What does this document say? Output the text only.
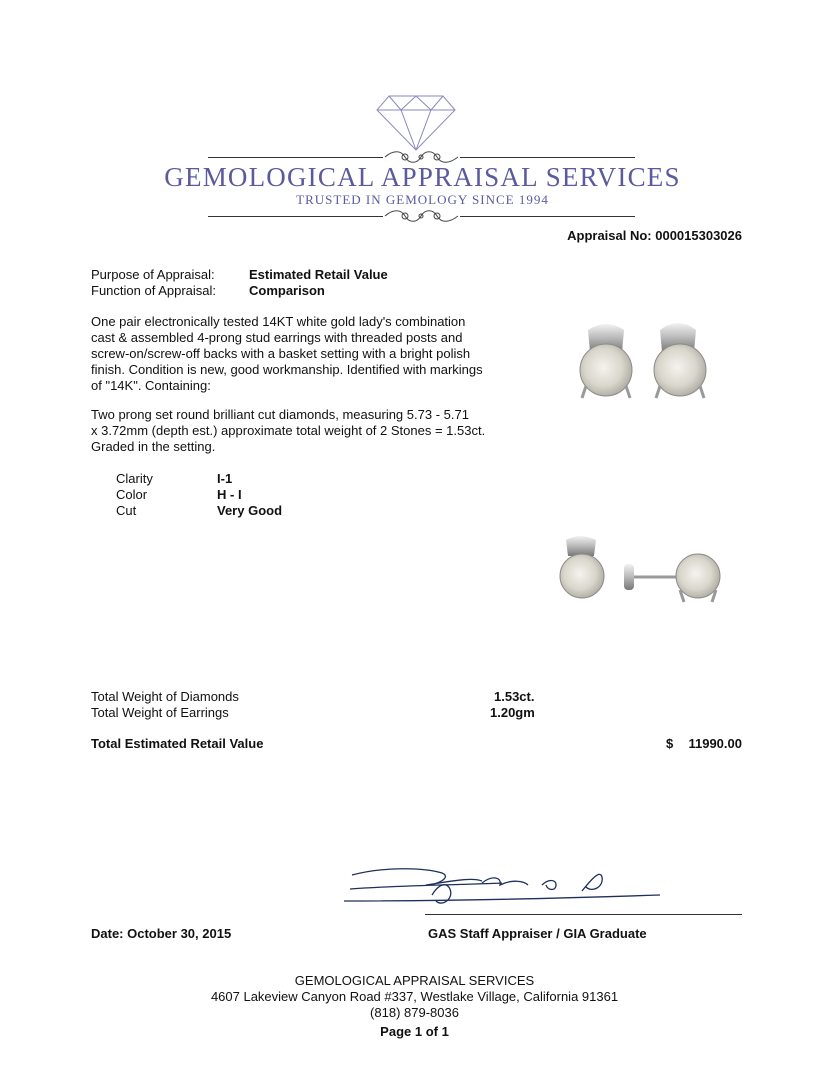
GEMOLOGICAL APPRAISAL SERVICES
TRUSTED IN GEMOLOGY SINCE 1994
Appraisal No: 000015303026
Purpose of Appraisal:	Estimated Retail Value
Function of Appraisal:	Comparison

One pair electronically tested 14KT white gold lady's combination

cast & assembled 4-prong stud earrings with threaded posts and

screw-on/screw-off backs with a basket setting with a bright polish

finish. Condition is new, good workmanship. Identified with markings

of "14K". Containing:

Two prong set round brilliant cut diamonds, measuring 5.73 - 5.71

x 3.72mm (depth est.) approximate total weight of 2 Stones = 1.53ct.

Graded in the setting.

Clarity	I-1
Color	H - I
Cut	Very Good
Total Weight of Diamonds	1.53ct.
Total Weight of Earrings	1.20gm
Total Estimated Retail Value	$ 11990.00
Date: October 30, 2015	GAS Staff Appraiser / GIA Graduate
GEMOLOGICAL APPRAISAL SERVICES
4607 Lakeview Canyon Road #337, Westlake Village, California 91361
(818) 879-8036
Page 1 of 1
